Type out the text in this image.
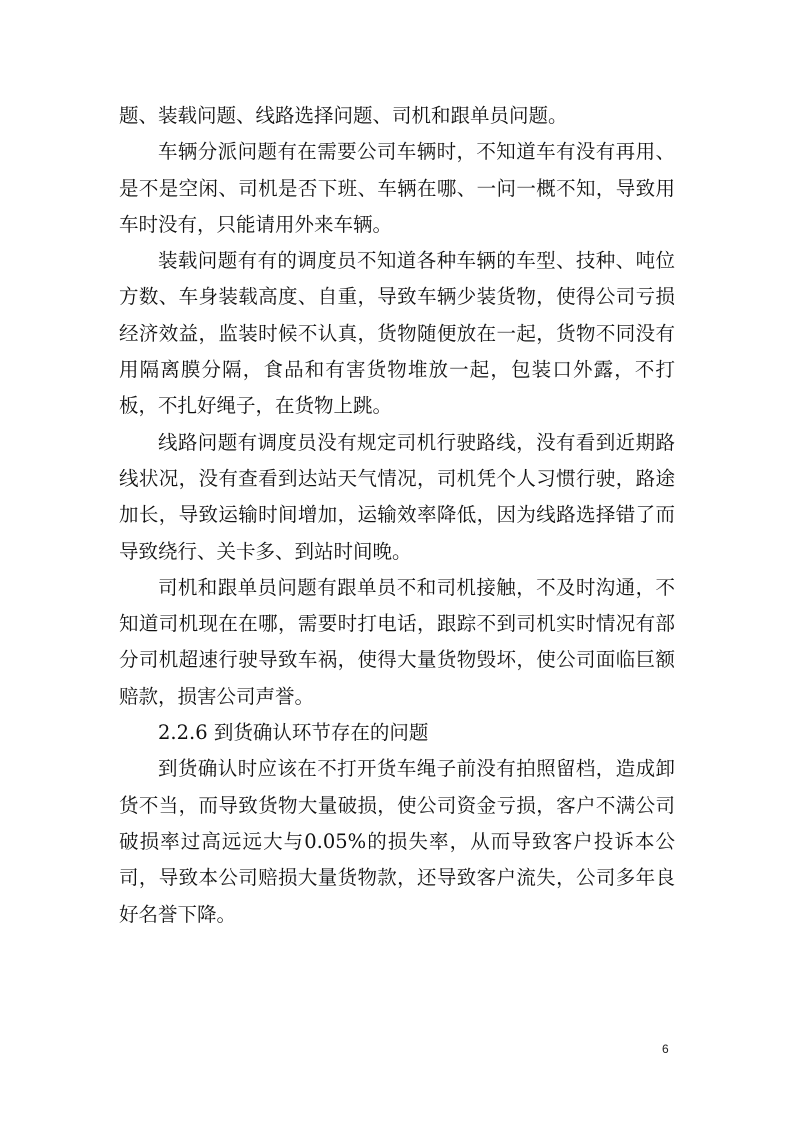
题、装载问题、线路选择问题、司机和跟单员问题。

车辆分派问题有在需要公司车辆时，不知道车有没有再用、是不是空闲、司机是否下班、车辆在哪、一问一概不知，导致用车时没有，只能请用外来车辆。

装载问题有有的调度员不知道各种车辆的车型、技种、吨位方数、车身装载高度、自重，导致车辆少装货物，使得公司亏损经济效益，监装时候不认真，货物随便放在一起，货物不同没有用隔离膜分隔，食品和有害货物堆放一起，包装口外露，不打板，不扎好绳子，在货物上跳。

线路问题有调度员没有规定司机行驶路线，没有看到近期路线状况，没有查看到达站天气情况，司机凭个人习惯行驶，路途加长，导致运输时间增加，运输效率降低，因为线路选择错了而导致绕行、关卡多、到站时间晚。

司机和跟单员问题有跟单员不和司机接触，不及时沟通，不知道司机现在在哪，需要时打电话，跟踪不到司机实时情况有部分司机超速行驶导致车祸，使得大量货物毁坏，使公司面临巨额赔款，损害公司声誉。

2.2.6 到货确认环节存在的问题

到货确认时应该在不打开货车绳子前没有拍照留档，造成卸货不当，而导致货物大量破损，使公司资金亏损，客户不满公司破损率过高远远大与0.05%的损失率，从而导致客户投诉本公司，导致本公司赔损大量货物款，还导致客户流失，公司多年良好名誉下降。

6
